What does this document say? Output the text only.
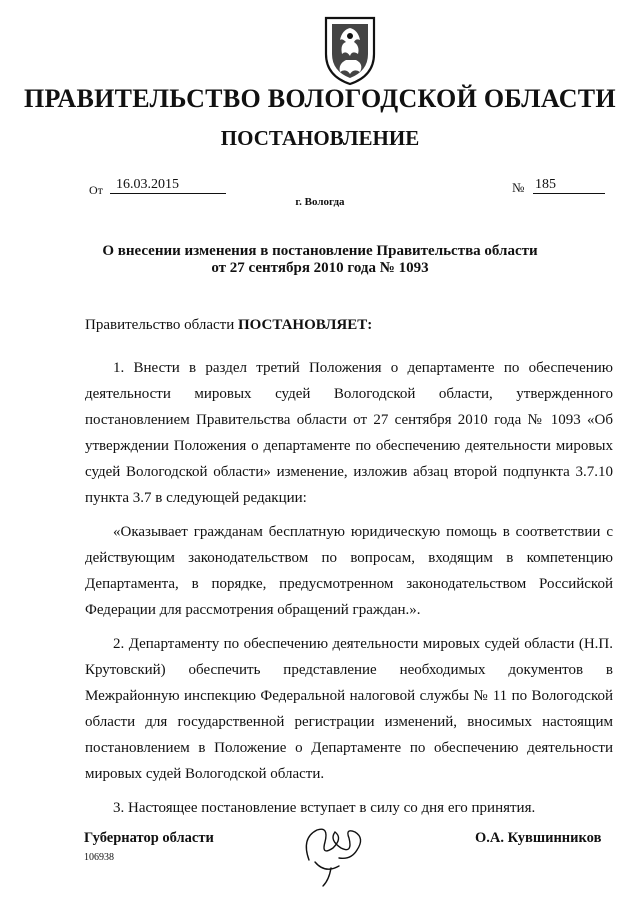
ПРАВИТЕЛЬСТВО ВОЛОГОДСКОЙ ОБЛАСТИ
ПОСТАНОВЛЕНИЕ
От 16.03.2015	№ 185
г. Вологда
О внесении изменения в постановление Правительства области
от 27 сентября 2010 года № 1093

Правительство области ПОСТАНОВЛЯЕТ:

1. Внести в раздел третий Положения о департаменте по обеспечению деятельности мировых судей Вологодской области, утвержденного постановлением Правительства области от 27 сентября 2010 года № 1093 «Об утверждении Положения о департаменте по обеспечению деятельности мировых судей Вологодской области» изменение, изложив абзац второй подпункта 3.7.10 пункта 3.7 в следующей редакции:

«Оказывает гражданам бесплатную юридическую помощь в соответствии с действующим законодательством по вопросам, входящим в компетенцию Департамента, в порядке, предусмотренном законодательством Российской Федерации для рассмотрения обращений граждан.».

2. Департаменту по обеспечению деятельности мировых судей области (Н.П. Крутовский) обеспечить представление необходимых документов в Межрайонную инспекцию Федеральной налоговой службы № 11 по Вологодской области для государственной регистрации изменений, вносимых настоящим постановлением в Положение о Департаменте по обеспечению деятельности мировых судей Вологодской области.

3. Настоящее постановление вступает в силу со дня его принятия.

Губернатор области
106938
О.А. Кувшинников
